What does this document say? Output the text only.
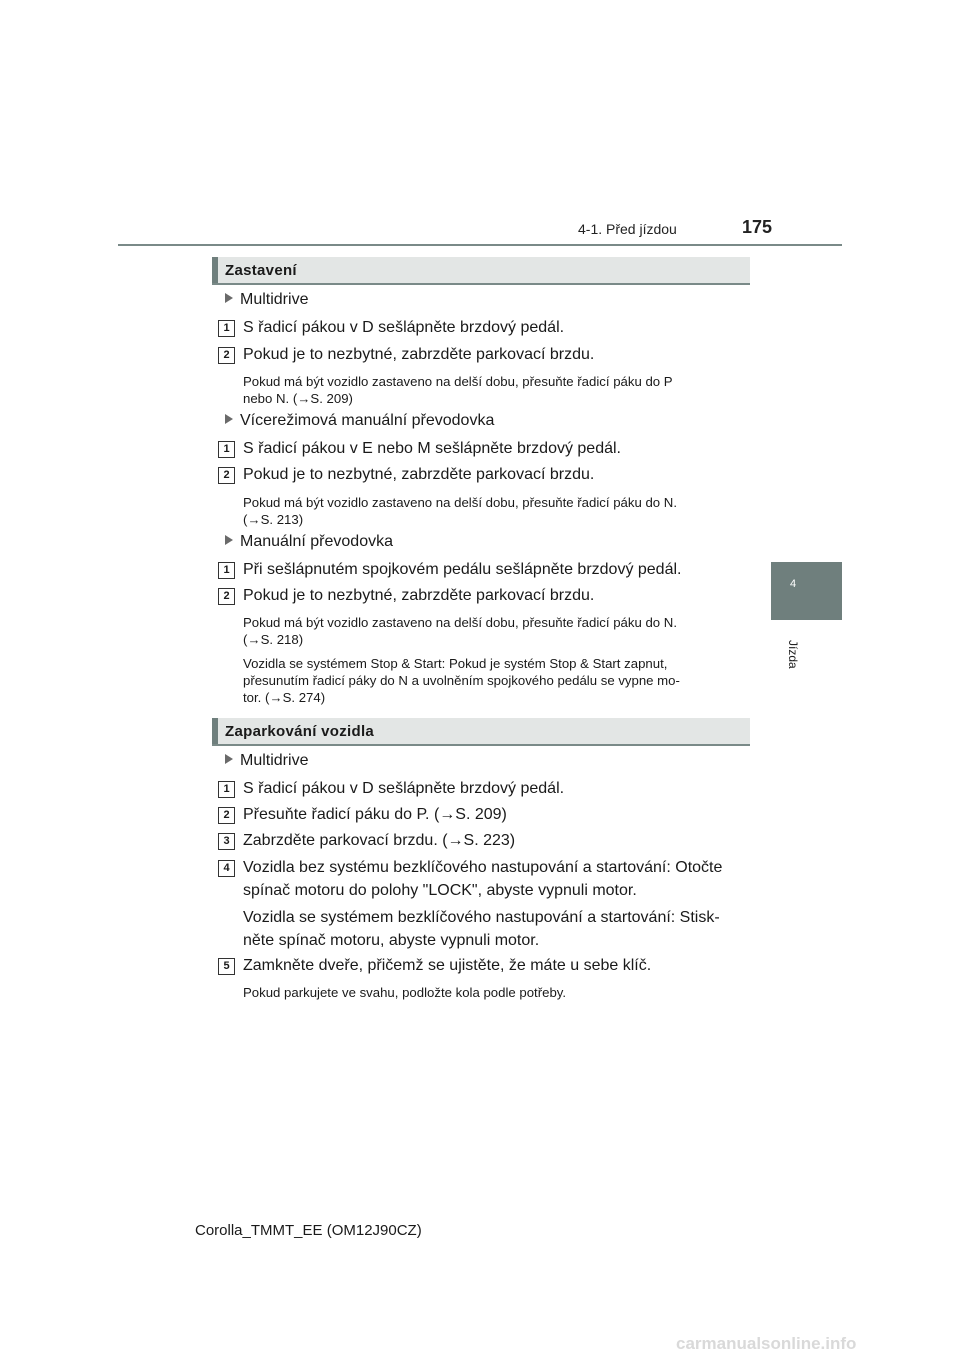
4-1. Před jízdou	175
4
Jízda
Zastavení
Multidrive
1 S řadicí pákou v D sešlápněte brzdový pedál.
2 Pokud je to nezbytné, zabrzděte parkovací brzdu.
Pokud má být vozidlo zastaveno na delší dobu, přesuňte řadicí páku do P
nebo N. (→S. 209)
Vícerežimová manuální převodovka
1 S řadicí pákou v E nebo M sešlápněte brzdový pedál.
2 Pokud je to nezbytné, zabrzděte parkovací brzdu.
Pokud má být vozidlo zastaveno na delší dobu, přesuňte řadicí páku do N.
(→S. 213)
Manuální převodovka
1 Při sešlápnutém spojkovém pedálu sešlápněte brzdový pedál.
2 Pokud je to nezbytné, zabrzděte parkovací brzdu.
Pokud má být vozidlo zastaveno na delší dobu, přesuňte řadicí páku do N.
(→S. 218)
Vozidla se systémem Stop & Start: Pokud je systém Stop & Start zapnut,
přesunutím řadicí páky do N a uvolněním spojkového pedálu se vypne mo-
tor. (→S. 274)
Zaparkování vozidla
Multidrive
1 S řadicí pákou v D sešlápněte brzdový pedál.
2 Přesuňte řadicí páku do P. (→S. 209)
3 Zabrzděte parkovací brzdu. (→S. 223)
4 Vozidla bez systému bezklíčového nastupování a startování: Otočte
spínač motoru do polohy "LOCK", abyste vypnuli motor.
Vozidla se systémem bezklíčového nastupování a startování: Stisk-
něte spínač motoru, abyste vypnuli motor.
5 Zamkněte dveře, přičemž se ujistěte, že máte u sebe klíč.
Pokud parkujete ve svahu, podložte kola podle potřeby.
Corolla_TMMT_EE (OM12J90CZ)
carmanualsonline.info
